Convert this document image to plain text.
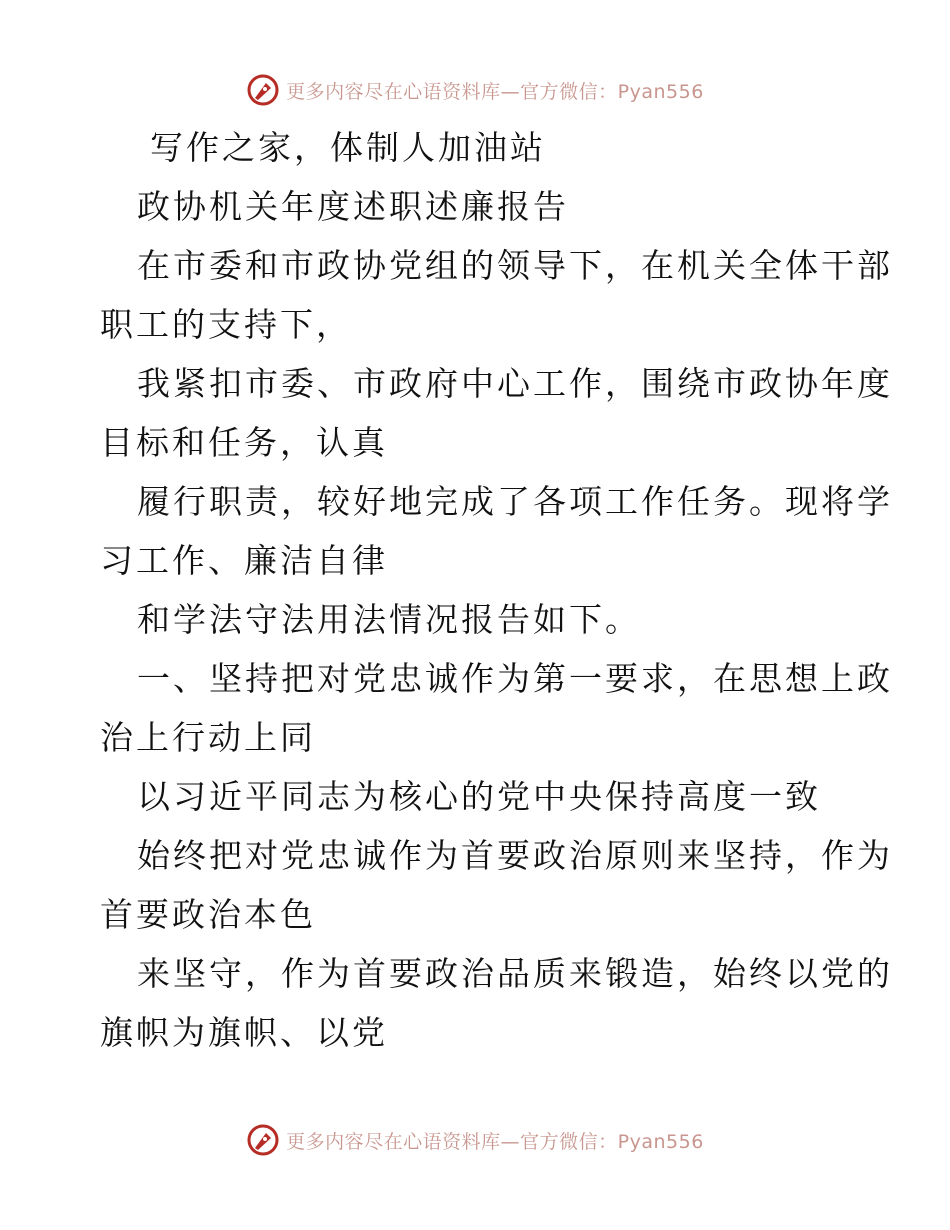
更多内容尽在心语资料库—官方微信：Pyan556
写作之家，体制人加油站
政协机关年度述职述廉报告
在市委和市政协党组的领导下，在机关全体干部
职工的支持下，
我紧扣市委、市政府中心工作，围绕市政协年度
目标和任务，认真
履行职责，较好地完成了各项工作任务。现将学
习工作、廉洁自律
和学法守法用法情况报告如下。
一、坚持把对党忠诚作为第一要求，在思想上政
治上行动上同
以习近平同志为核心的党中央保持高度一致
始终把对党忠诚作为首要政治原则来坚持，作为
首要政治本色
来坚守，作为首要政治品质来锻造，始终以党的
旗帜为旗帜、以党
更多内容尽在心语资料库—官方微信：Pyan556
